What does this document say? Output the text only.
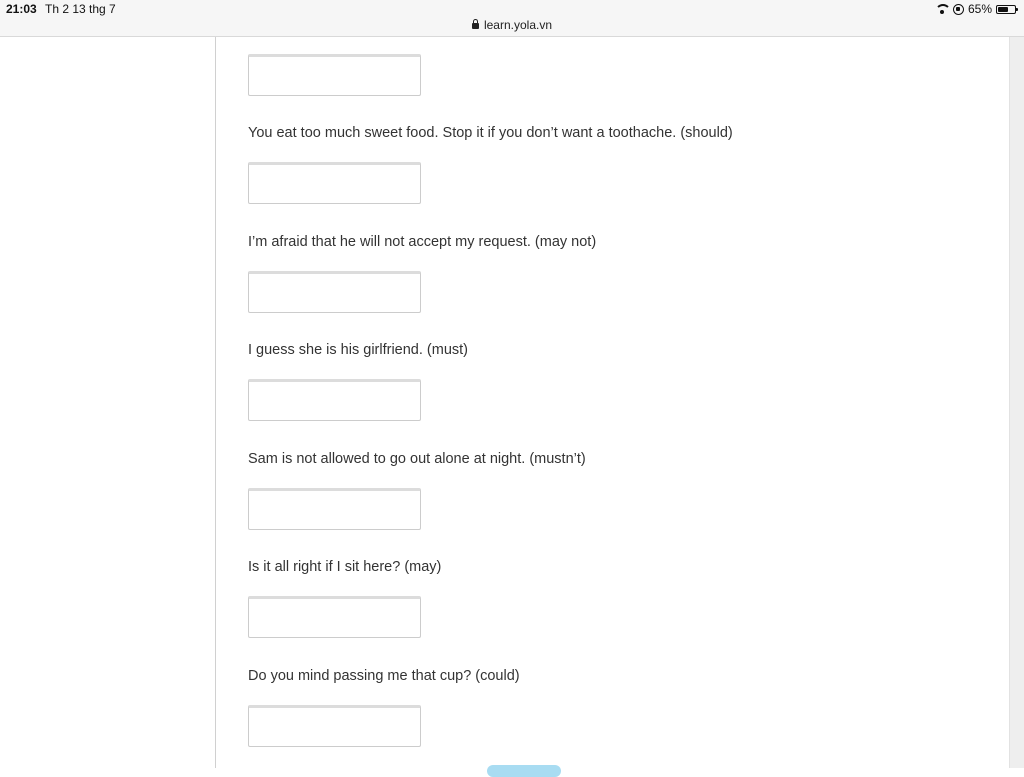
21:03 Th 2 13 thg 7
learn.yola.vn
65%
You eat too much sweet food. Stop it if you don’t want a toothache. (should)
I’m afraid that he will not accept my request. (may not)
I guess she is his girlfriend. (must)
Sam is not allowed to go out alone at night. (mustn’t)
Is it all right if I sit here? (may)
Do you mind passing me that cup? (could)
